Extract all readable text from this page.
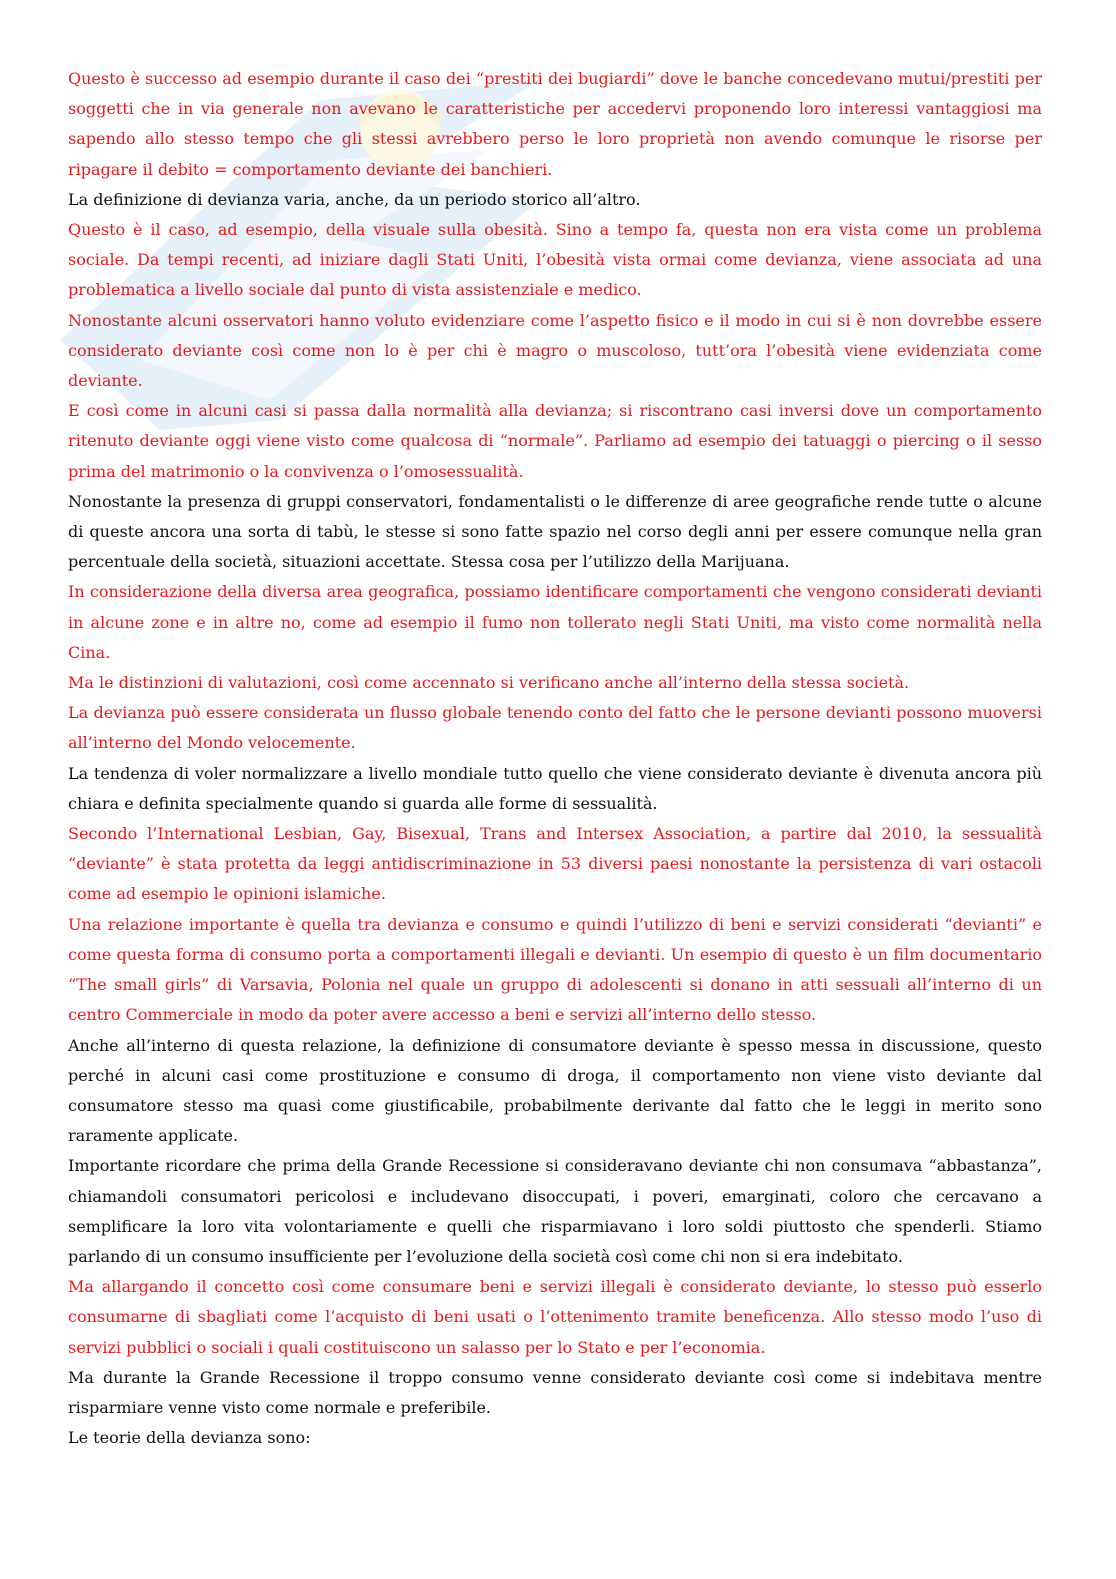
Questo è successo ad esempio durante il caso dei “prestiti dei bugiardi” dove le banche concedevano mutui/prestiti per soggetti che in via generale non avevano le caratteristiche per accedervi proponendo loro interessi vantaggiosi ma sapendo allo stesso tempo che gli stessi avrebbero perso le loro proprietà non avendo comunque le risorse per ripagare il debito = comportamento deviante dei banchieri.

La definizione di devianza varia, anche, da un periodo storico all’altro.

Questo è il caso, ad esempio, della visuale sulla obesità. Sino a tempo fa, questa non era vista come un problema sociale. Da tempi recenti, ad iniziare dagli Stati Uniti, l’obesità vista ormai come devianza, viene associata ad una problematica a livello sociale dal punto di vista assistenziale e medico.

Nonostante alcuni osservatori hanno voluto evidenziare come l’aspetto fisico e il modo in cui si è non dovrebbe essere considerato deviante così come non lo è per chi è magro o muscoloso, tutt’ora l’obesità viene evidenziata come deviante.

E così come in alcuni casi si passa dalla normalità alla devianza; si riscontrano casi inversi dove un comportamento ritenuto deviante oggi viene visto come qualcosa di “normale”. Parliamo ad esempio dei tatuaggi o piercing o il sesso prima del matrimonio o la convivenza o l’omosessualità.

Nonostante la presenza di gruppi conservatori, fondamentalisti o le differenze di aree geografiche rende tutte o alcune di queste ancora una sorta di tabù, le stesse si sono fatte spazio nel corso degli anni per essere comunque nella gran percentuale della società, situazioni accettate. Stessa cosa per l’utilizzo della Marijuana.

In considerazione della diversa area geografica, possiamo identificare comportamenti che vengono considerati devianti in alcune zone e in altre no, come ad esempio il fumo non tollerato negli Stati Uniti, ma visto come normalità nella Cina.

Ma le distinzioni di valutazioni, così come accennato si verificano anche all’interno della stessa società.

La devianza può essere considerata un flusso globale tenendo conto del fatto che le persone devianti possono muoversi all’interno del Mondo velocemente.

La tendenza di voler normalizzare a livello mondiale tutto quello che viene considerato deviante è divenuta ancora più chiara e definita specialmente quando si guarda alle forme di sessualità.

Secondo l’International Lesbian, Gay, Bisexual, Trans and Intersex Association, a partire dal 2010, la sessualità “deviante” è stata protetta da leggi antidiscriminazione in 53 diversi paesi nonostante la persistenza di vari ostacoli come ad esempio le opinioni islamiche.

Una relazione importante è quella tra devianza e consumo e quindi l’utilizzo di beni e servizi considerati “devianti” e come questa forma di consumo porta a comportamenti illegali e devianti. Un esempio di questo è un film documentario “The small girls” di Varsavia, Polonia nel quale un gruppo di adolescenti si donano in atti sessuali all’interno di un centro Commerciale in modo da poter avere accesso a beni e servizi all’interno dello stesso.

Anche all’interno di questa relazione, la definizione di consumatore deviante è spesso messa in discussione, questo perché in alcuni casi come prostituzione e consumo di droga, il comportamento non viene visto deviante dal consumatore stesso ma quasi come giustificabile, probabilmente derivante dal fatto che le leggi in merito sono raramente applicate.

Importante ricordare che prima della Grande Recessione si consideravano deviante chi non consumava “abbastanza”, chiamandoli consumatori pericolosi e includevano disoccupati, i poveri, emarginati, coloro che cercavano a semplificare la loro vita volontariamente e quelli che risparmiavano i loro soldi piuttosto che spenderli. Stiamo parlando di un consumo insufficiente per l’evoluzione della società così come chi non si era indebitato.

Ma allargando il concetto così come consumare beni e servizi illegali è considerato deviante, lo stesso può esserlo consumarne di sbagliati come l’acquisto di beni usati o l’ottenimento tramite beneficenza. Allo stesso modo l’uso di servizi pubblici o sociali i quali costituiscono un salasso per lo Stato e per l’economia.

Ma durante la Grande Recessione il troppo consumo venne considerato deviante così come si indebitava mentre risparmiare venne visto come normale e preferibile.

Le teorie della devianza sono:
